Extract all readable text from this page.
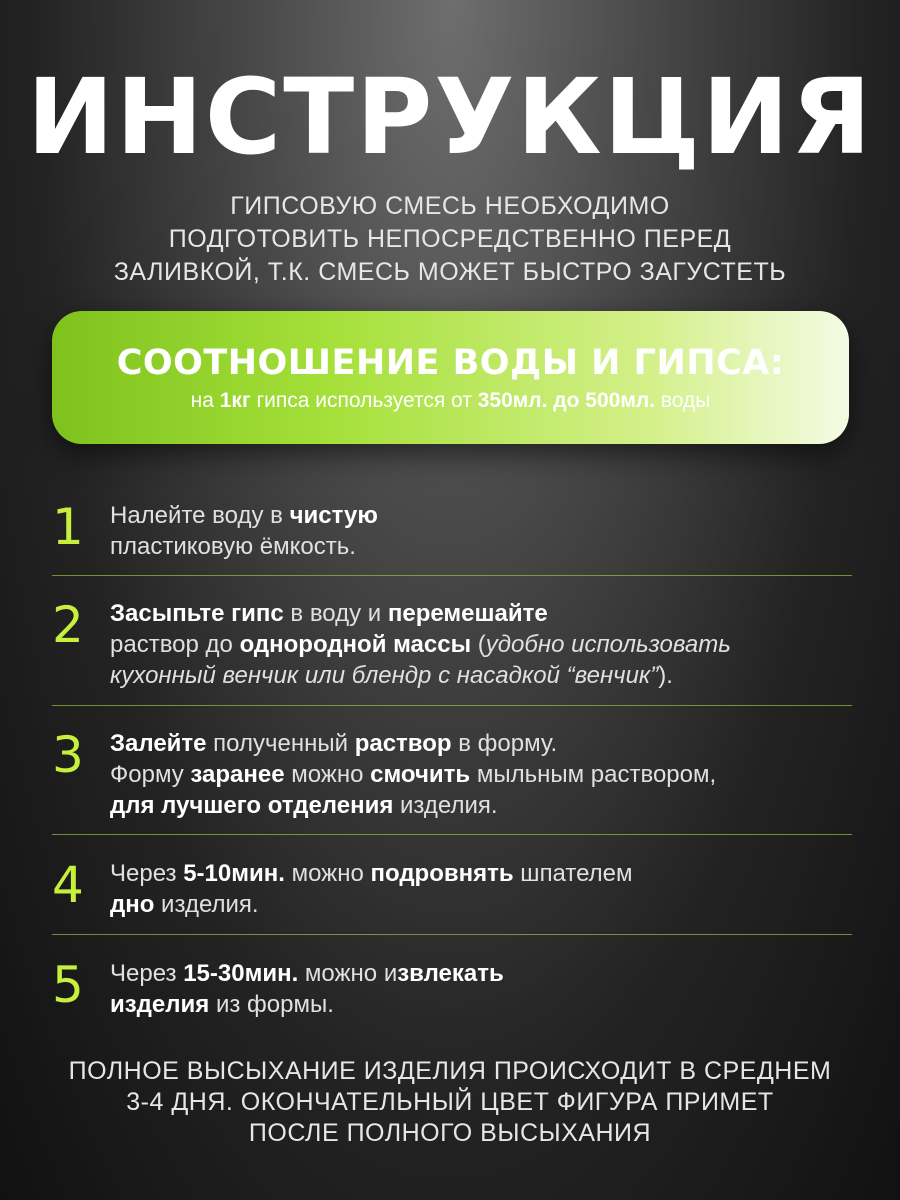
ИНСТРУКЦИЯ
ГИПСОВУЮ СМЕСЬ НЕОБХОДИМО
ПОДГОТОВИТЬ НЕПОСРЕДСТВЕННО ПЕРЕД
ЗАЛИВКОЙ, Т.К. СМЕСЬ МОЖЕТ БЫСТРО ЗАГУСТЕТЬ
СООТНОШЕНИЕ ВОДЫ И ГИПСА:
на 1кг гипса используется от 350мл. до 500мл. воды
1 Налейте воду в чистую
пластиковую ёмкость.
2 Засыпьте гипс в воду и перемешайте
раствор до однородной массы (удобно использовать
кухонный венчик или блендр с насадкой “венчик”).
3 Залейте полученный раствор в форму.
Форму заранее можно смочить мыльным раствором,
для лучшего отделения изделия.
4 Через 5-10мин. можно подровнять шпателем
дно изделия.
5 Через 15-30мин. можно извлекать
изделия из формы.
ПОЛНОЕ ВЫСЫХАНИЕ ИЗДЕЛИЯ ПРОИСХОДИТ В СРЕДНЕМ
3-4 ДНЯ. ОКОНЧАТЕЛЬНЫЙ ЦВЕТ ФИГУРА ПРИМЕТ
ПОСЛЕ ПОЛНОГО ВЫСЫХАНИЯ
